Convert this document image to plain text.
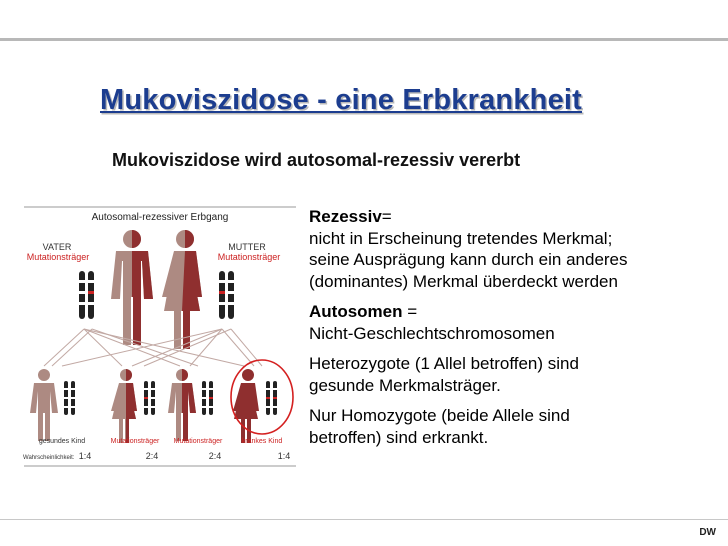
Mukoviszidose - eine Erbkrankheit
Mukoviszidose wird autosomal-rezessiv vererbt
Autosomal-rezessiver Erbgang
VATER
Mutationsträger
MUTTER
Mutationsträger
gesundes Kind	Mutationsträger Mutationsträger	krankes Kind
Wahrscheinlichkeit: 1:4	2:4	2:4	1:4
Rezessiv=
nicht in Erscheinung tretendes Merkmal;
seine Ausprägung kann durch ein anderes
(dominantes) Merkmal überdeckt werden
Autosomen =
Nicht-Geschlechtschromosomen
Heterozygote (1 Allel betroffen) sind
gesunde Merkmalsträger.
Nur Homozygote (beide Allele sind
betroffen) sind erkrankt.
DW
